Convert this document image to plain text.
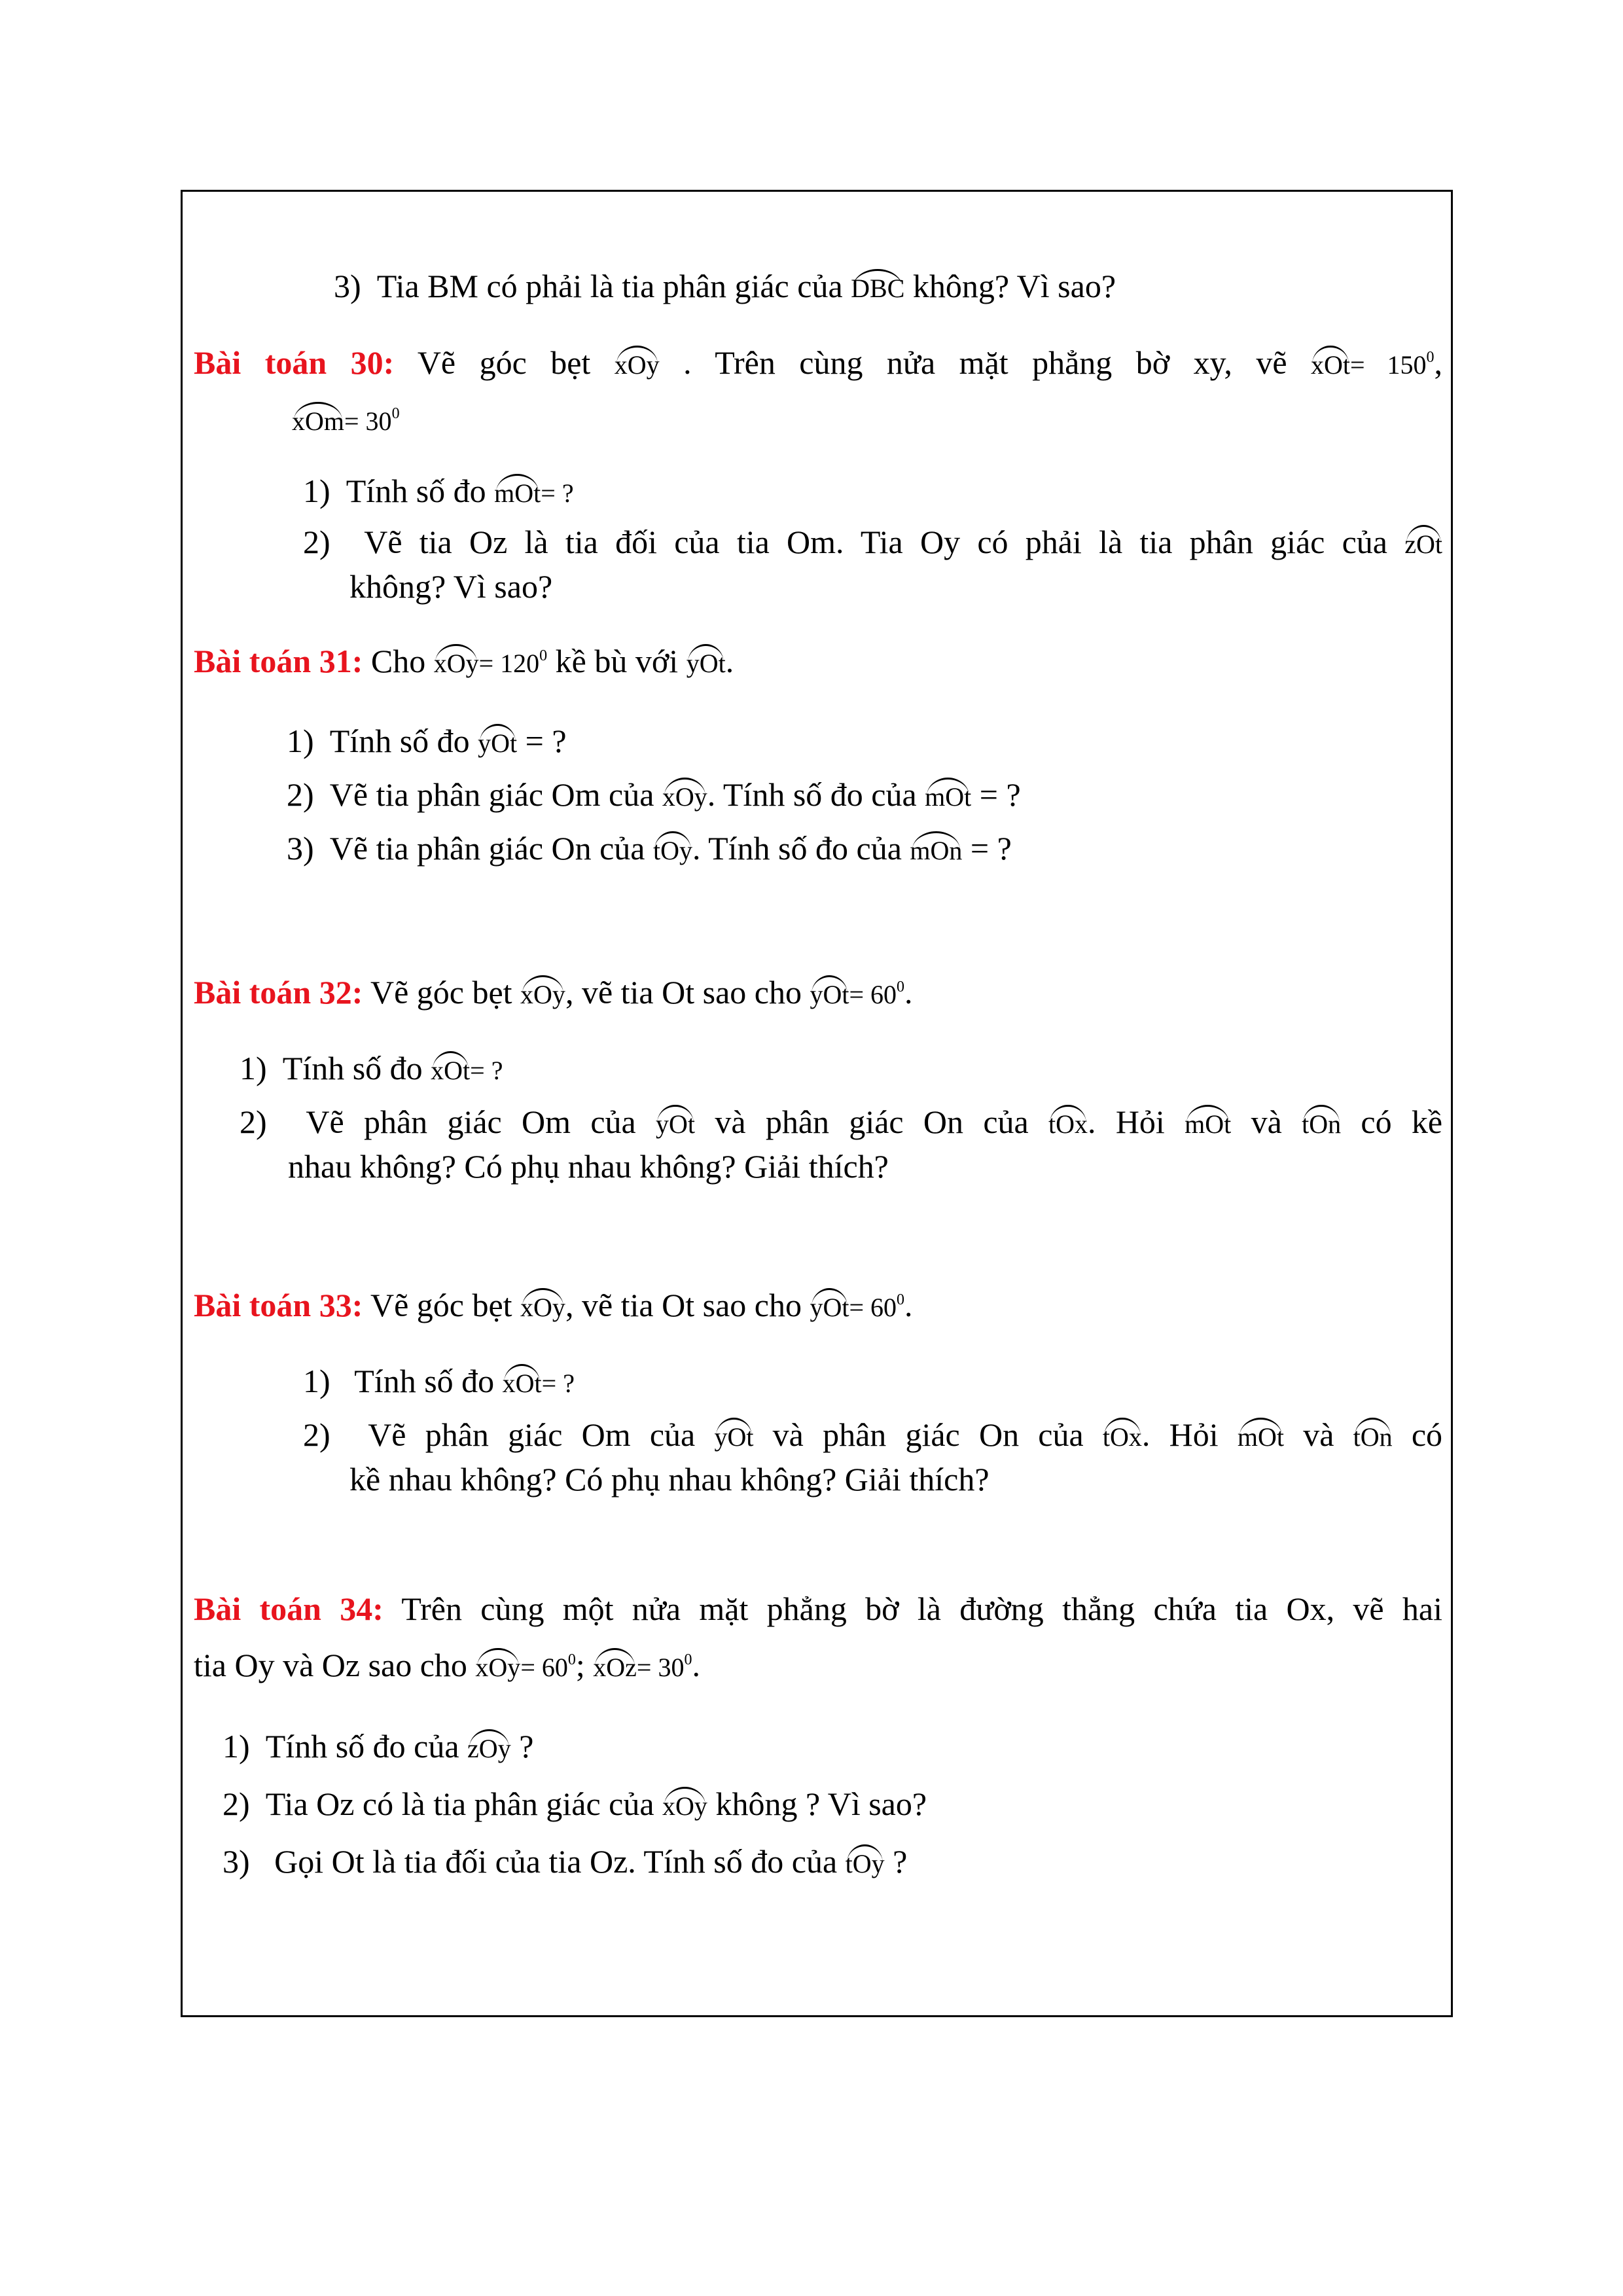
3) Tia BM có phải là tia phân giác của DBC không? Vì sao?
Bài toán 30: Vẽ góc bẹt xOy . Trên cùng nửa mặt phẳng bờ xy, vẽ $xOt= 150^0$,
$xOm= 30^0$
1) Tính số đo mOt= ?
2) Vẽ tia Oz là tia đối của tia Om. Tia Oy có phải là tia phân giác của zOt
không? Vì sao?
Bài toán 31: Cho $xOy= 120^0$ kề bù với yOt.
1) Tính số đo yOt = ?
2) Vẽ tia phân giác Om của xOy. Tính số đo của mOt = ?
3) Vẽ tia phân giác On của tOy. Tính số đo của mOn = ?
Bài toán 32: Vẽ góc bẹt xOy, vẽ tia Ot sao cho $yOt= 60^0$.
1) Tính số đo xOt= ?
2) Vẽ phân giác Om của yOt và phân giác On của tOx. Hỏi mOt và tOn có kề
nhau không? Có phụ nhau không? Giải thích?
Bài toán 33: Vẽ góc bẹt xOy, vẽ tia Ot sao cho $yOt= 60^0$.
1) Tính số đo xOt= ?
2) Vẽ phân giác Om của yOt và phân giác On của tOx. Hỏi mOt và tOn có
kề nhau không? Có phụ nhau không? Giải thích?
Bài toán 34: Trên cùng một nửa mặt phẳng bờ là đường thẳng chứa tia Ox, vẽ hai
tia Oy và Oz sao cho $xOy= 60^0$; $xOz= 30^0$.
1) Tính số đo của zOy ?
2) Tia Oz có là tia phân giác của xOy không ? Vì sao?
3) Gọi Ot là tia đối của tia Oz. Tính số đo của tOy ?
